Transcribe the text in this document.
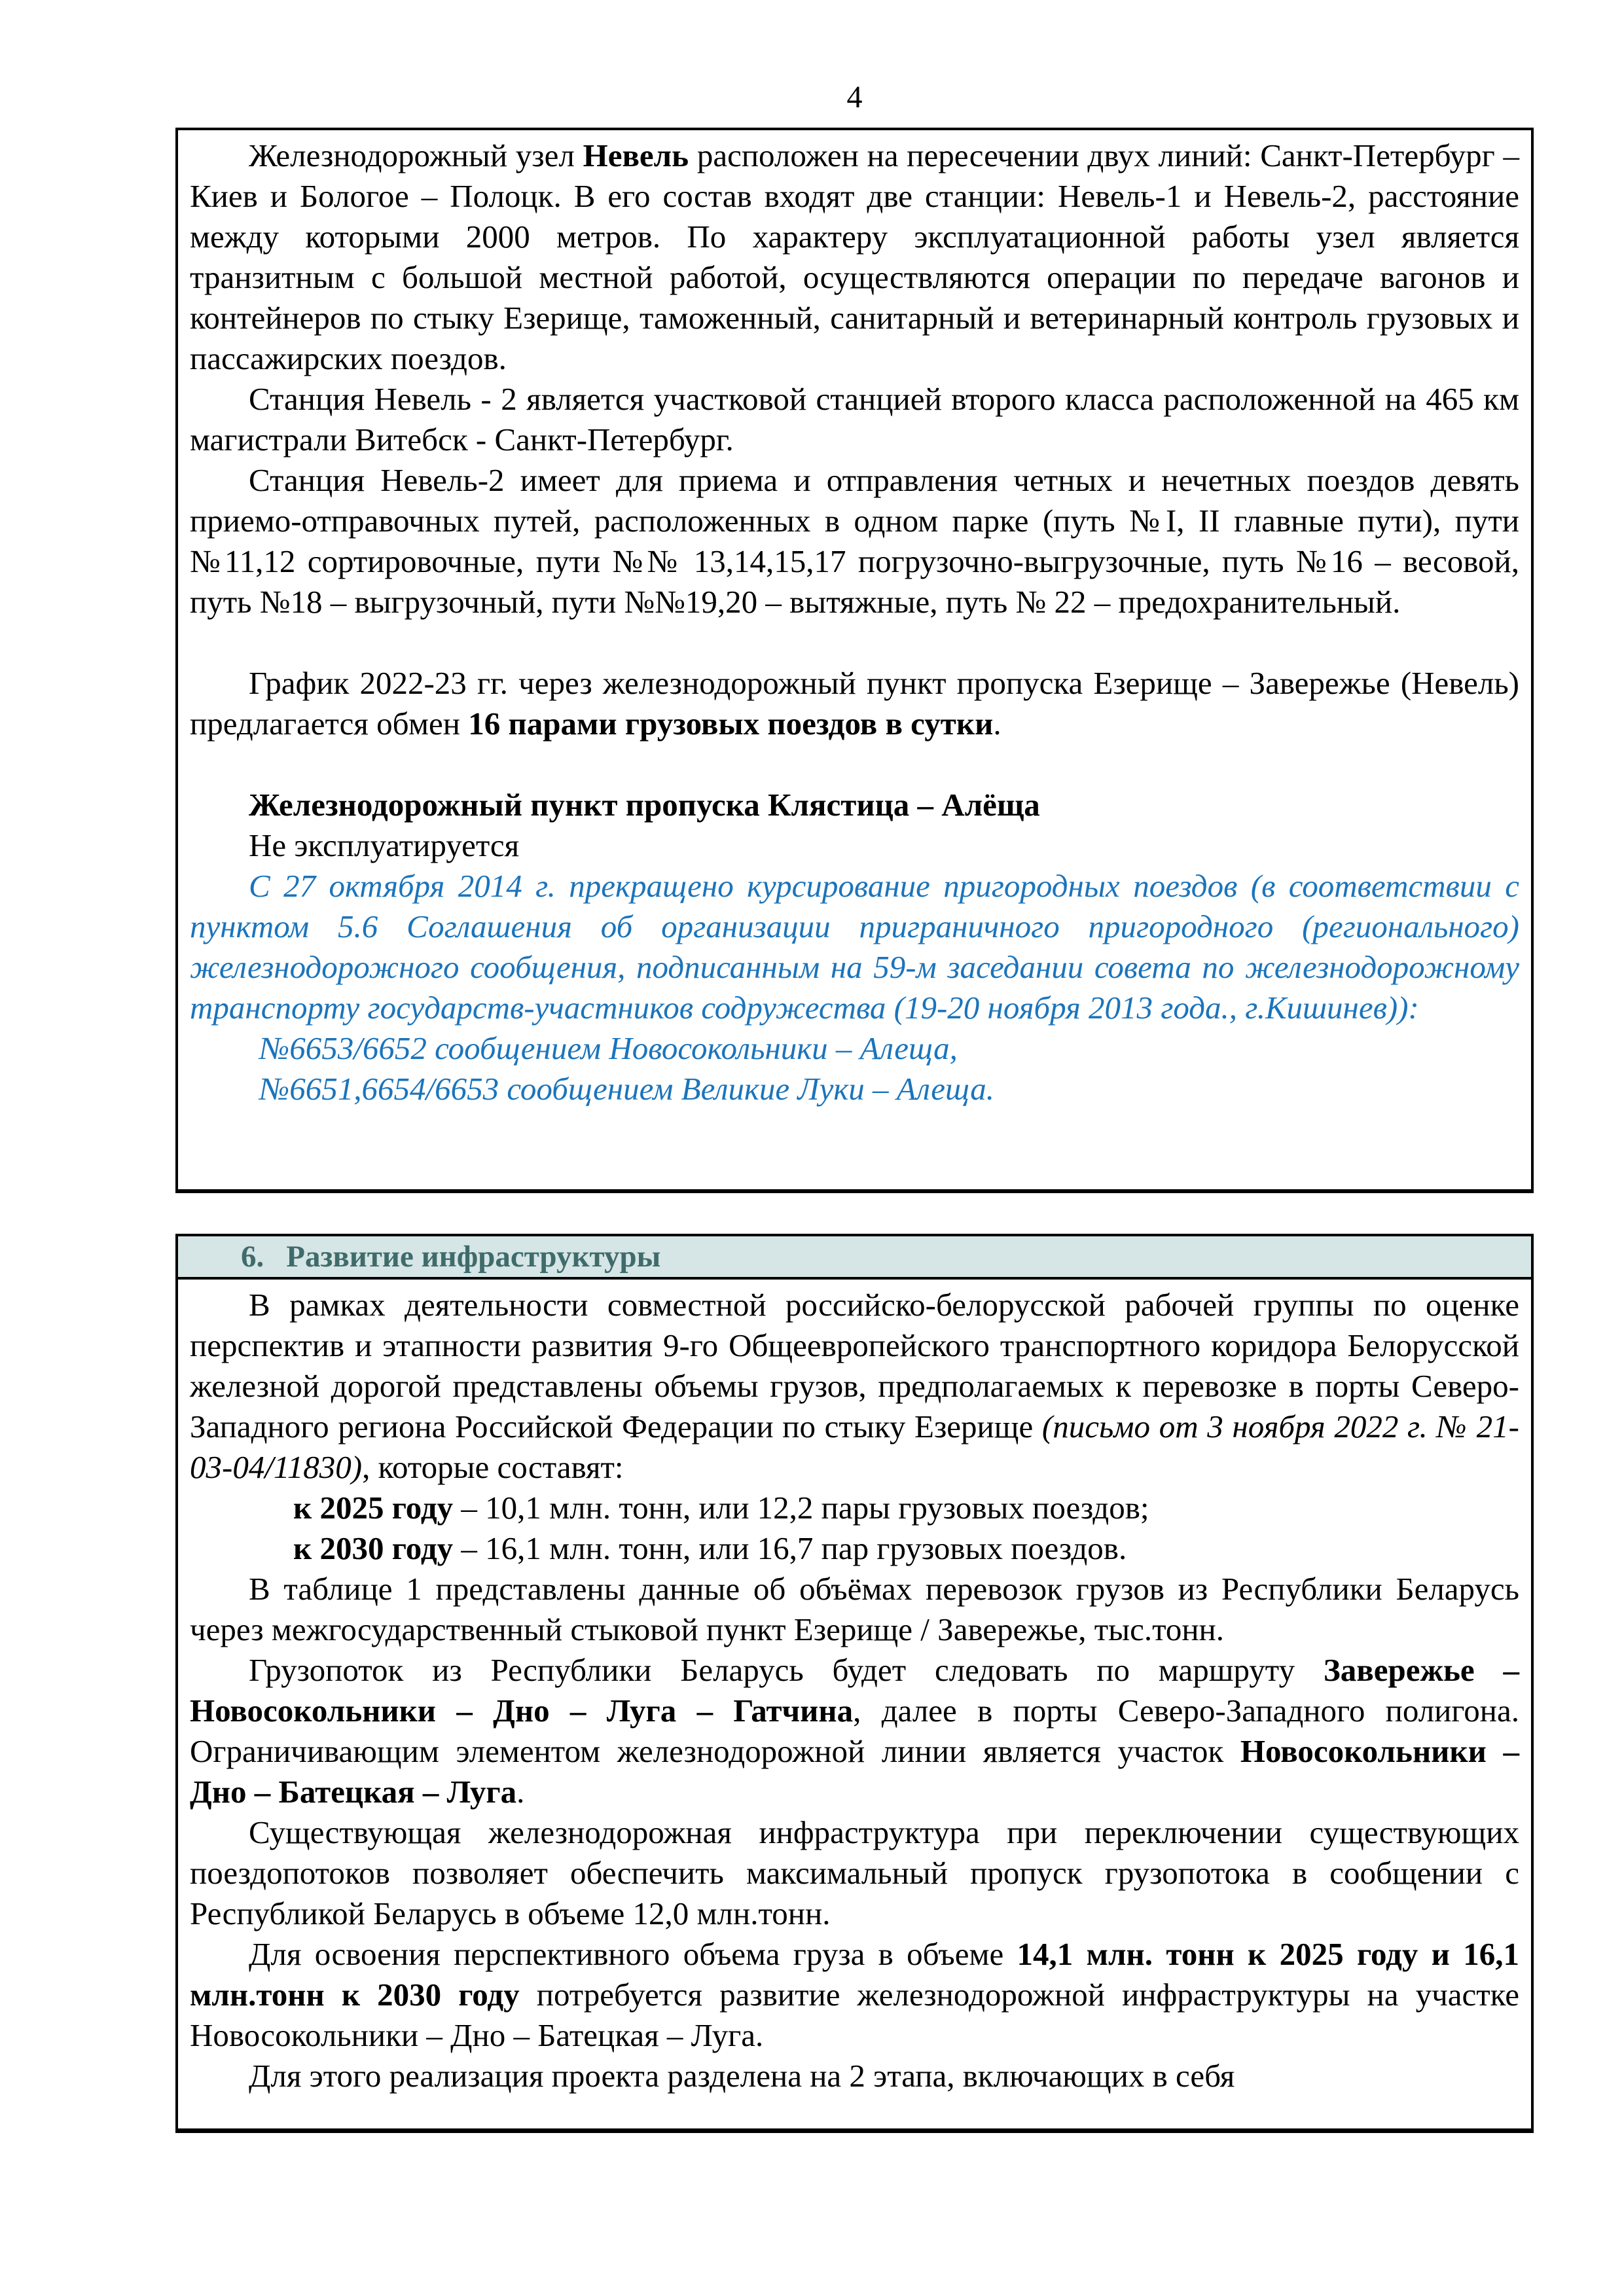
4

Железнодорожный узел Невель расположен на пересечении двух линий: Санкт-Петербург – Киев и Бологое – Полоцк. В его состав входят две станции: Невель-1 и Невель-2, расстояние между которыми 2000 метров. По характеру эксплуатационной работы узел является транзитным с большой местной работой, осуществляются операции по передаче вагонов и контейнеров по стыку Езерище, таможенный, санитарный и ветеринарный контроль грузовых и пассажирских поездов.

Станция Невель - 2 является участковой станцией второго класса расположенной на 465 км магистрали Витебск - Санкт-Петербург.

Станция Невель-2 имеет для приема и отправления четных и нечетных поездов девять приемо-отправочных путей, расположенных в одном парке (путь №I, II главные пути), пути №11,12 сортировочные, пути №№ 13,14,15,17 погрузочно-выгрузочные, путь №16 – весовой, путь №18 – выгрузочный, пути №№19,20 – вытяжные, путь № 22 – предохранительный.

График 2022-23 гг. через железнодорожный пункт пропуска Езерище – Завережье (Невель) предлагается обмен 16 парами грузовых поездов в сутки.

Железнодорожный пункт пропуска Клястица – Алёща

Не эксплуатируется

С 27 октября 2014 г. прекращено курсирование пригородных поездов (в соответствии с пунктом 5.6 Соглашения об организации приграничного пригородного (регионального) железнодорожного сообщения, подписанным на 59-м заседании совета по железнодорожному транспорту государств-участников содружества (19-20 ноября 2013 года., г.Кишинев)):

№6653/6652 сообщением Новосокольники – Алеща,

№6651,6654/6653 сообщением Великие Луки – Алеща.

6. Развитие инфраструктуры

В рамках деятельности совместной российско-белорусской рабочей группы по оценке перспектив и этапности развития 9-го Общеевропейского транспортного коридора Белорусской железной дорогой представлены объемы грузов, предполагаемых к перевозке в порты Северо-Западного региона Российской Федерации по стыку Езерище (письмо от 3 ноября 2022 г. № 21-03-04/11830), которые составят:

к 2025 году – 10,1 млн. тонн, или 12,2 пары грузовых поездов;

к 2030 году – 16,1 млн. тонн, или 16,7 пар грузовых поездов.

В таблице 1 представлены данные об объёмах перевозок грузов из Республики Беларусь через межгосударственный стыковой пункт Езерище / Завережье, тыс.тонн.

Грузопоток из Республики Беларусь будет следовать по маршруту Завережье – Новосокольники – Дно – Луга – Гатчина, далее в порты Северо-Западного полигона. Ограничивающим элементом железнодорожной линии является участок Новосокольники – Дно – Батецкая – Луга.

Существующая железнодорожная инфраструктура при переключении существующих поездопотоков позволяет обеспечить максимальный пропуск грузопотока в сообщении с Республикой Беларусь в объеме 12,0 млн.тонн.

Для освоения перспективного объема груза в объеме 14,1 млн. тонн к 2025 году и 16,1 млн.тонн к 2030 году потребуется развитие железнодорожной инфраструктуры на участке Новосокольники – Дно – Батецкая – Луга.

Для этого реализация проекта разделена на 2 этапа, включающих в себя
